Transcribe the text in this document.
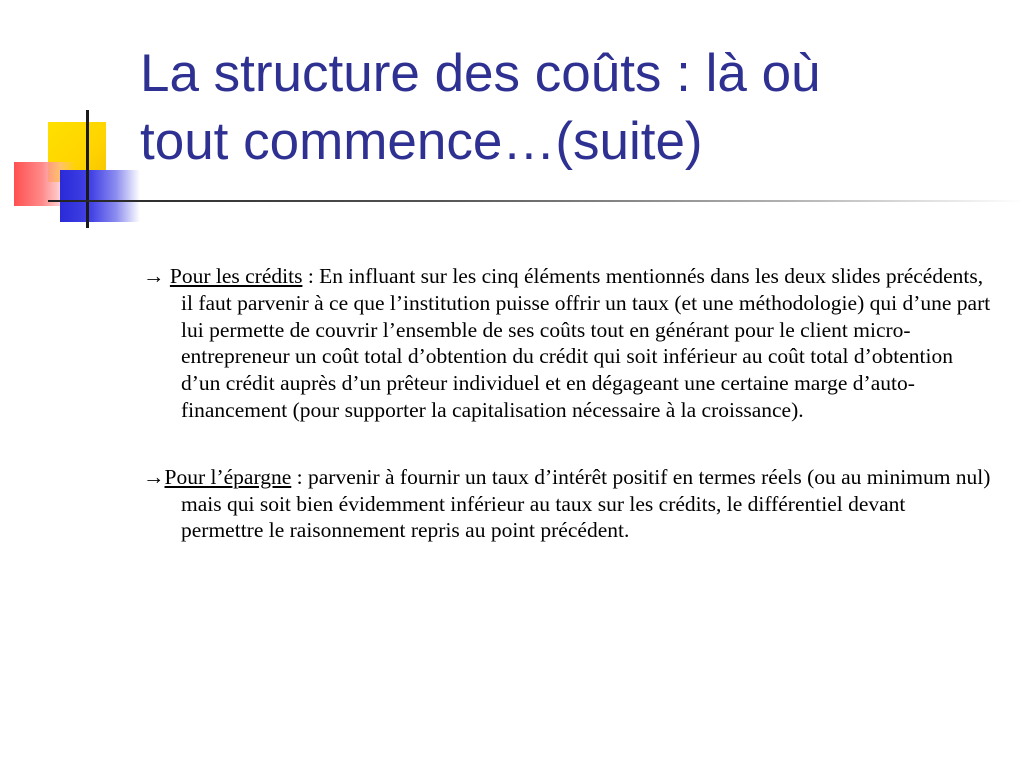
La structure des coûts : là où
tout commence…(suite)

→ Pour les crédits : En influant sur les cinq éléments mentionnés dans les deux slides précédents, il faut parvenir à ce que l’institution puisse offrir un taux (et une méthodologie) qui d’une part lui permette de couvrir l’ensemble de ses coûts tout en générant pour le client micro-entrepreneur un coût total d’obtention du crédit qui soit inférieur au coût total d’obtention d’un crédit auprès d’un prêteur individuel et en dégageant une certaine marge d’auto-financement (pour supporter la capitalisation nécessaire à la croissance).

→Pour l’épargne : parvenir à fournir un taux d’intérêt positif en termes réels (ou au minimum nul) mais qui soit bien évidemment inférieur au taux sur les crédits, le différentiel devant permettre le raisonnement repris au point précédent.
